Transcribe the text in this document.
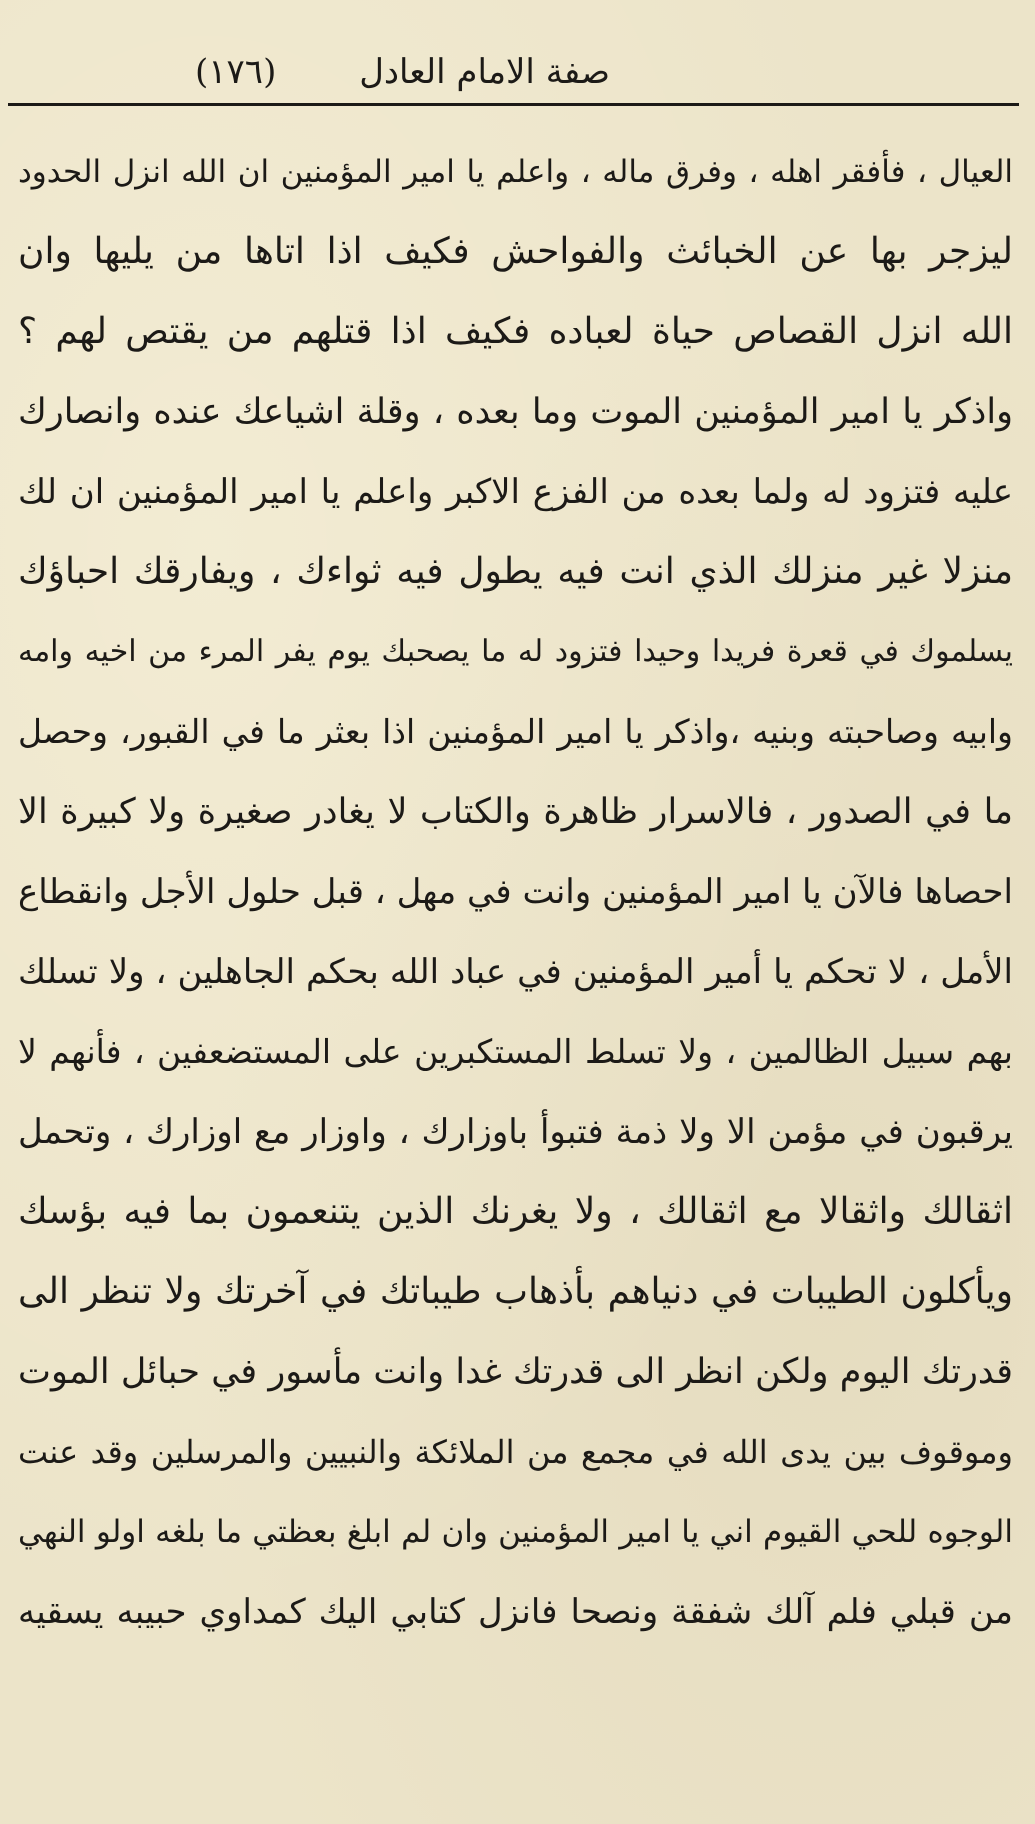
صفة الامام العادل
(١٧٦)
العيال ، فأفقر اهله ، وفرق ماله ، واعلم يا امير المؤمنين ان الله انزل الحدود
ليزجر بها عن الخبائث والفواحش فكيف اذا اتاها من يليها وان
الله انزل القصاص حياة لعباده فكيف اذا قتلهم من يقتص لهم ؟
واذكر يا امير المؤمنين الموت وما بعده ، وقلة اشياعك عنده وانصارك
عليه فتزود له ولما بعده من الفزع الاكبر واعلم يا امير المؤمنين ان لك
منزلا غير منزلك الذي انت فيه يطول فيه ثواءك ، ويفارقك احباؤك
يسلموك في قعرة فريدا وحيدا فتزود له ما يصحبك يوم يفر المرء من اخيه وامه
وابيه وصاحبته وبنيه ،واذكر يا امير المؤمنين اذا بعثر ما في القبور، وحصل
ما في الصدور ، فالاسرار ظاهرة والكتاب لا يغادر صغيرة ولا كبيرة الا
احصاها فالآن يا امير المؤمنين وانت في مهل ، قبل حلول الأجل وانقطاع
الأمل ، لا تحكم يا أمير المؤمنين في عباد الله بحكم الجاهلين ، ولا تسلك
بهم سبيل الظالمين ، ولا تسلط المستكبرين على المستضعفين ، فأنهم لا
يرقبون في مؤمن الا ولا ذمة فتبوأ باوزارك ، واوزار مع اوزارك ، وتحمل
اثقالك واثقالا مع اثقالك ، ولا يغرنك الذين يتنعمون بما فيه بؤسك
ويأكلون الطيبات في دنياهم بأذهاب طيباتك في آخرتك ولا تنظر الى
قدرتك اليوم ولكن انظر الى قدرتك غدا وانت مأسور في حبائل الموت
وموقوف بين يدى الله في مجمع من الملائكة والنبيين والمرسلين وقد عنت
الوجوه للحي القيوم اني يا امير المؤمنين وان لم ابلغ بعظتي ما بلغه اولو النهي
من قبلي فلم آلك شفقة ونصحا فانزل كتابي اليك كمداوي حبيبه يسقيه
